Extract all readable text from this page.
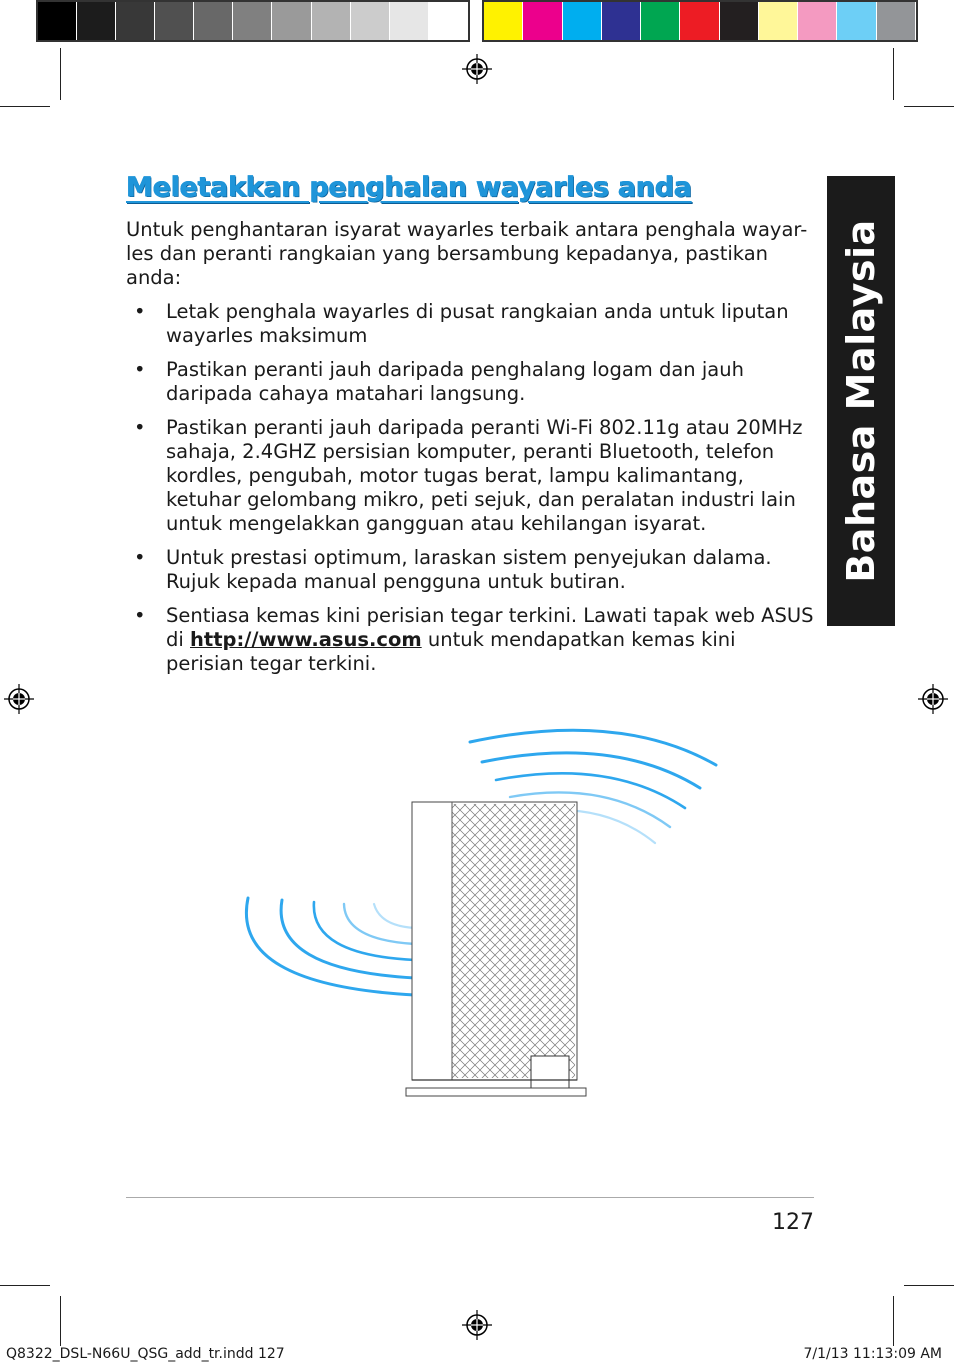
Bahasa Malaysia
Meletakkan penghalan wayarles anda
Untuk penghantaran isyarat wayarles terbaik antara penghala wayar-les dan peranti rangkaian yang bersambung kepadanya, pastikan anda:
• Letak penghala wayarles di pusat rangkaian anda untuk liputan wayarles maksimum
• Pastikan peranti jauh daripada penghalang logam dan jauh daripada cahaya matahari langsung.
• Pastikan peranti jauh daripada peranti Wi-Fi 802.11g atau 20MHz sahaja, 2.4GHZ persisian komputer, peranti Bluetooth, telefon kordles, pengubah, motor tugas berat, lampu kalimantang, ketuhar gelombang mikro, peti sejuk, dan peralatan industri lain untuk mengelakkan gangguan atau kehilangan isyarat.
• Untuk prestasi optimum, laraskan sistem penyejukan dalama. Rujuk kepada manual pengguna untuk butiran.
• Sentiasa kemas kini perisian tegar terkini. Lawati tapak web ASUS di http://www.asus.com untuk mendapatkan kemas kini perisian tegar terkini.
127
Q8322_DSL-N66U_QSG_add_tr.indd 127	7/1/13 11:13:09 AM
